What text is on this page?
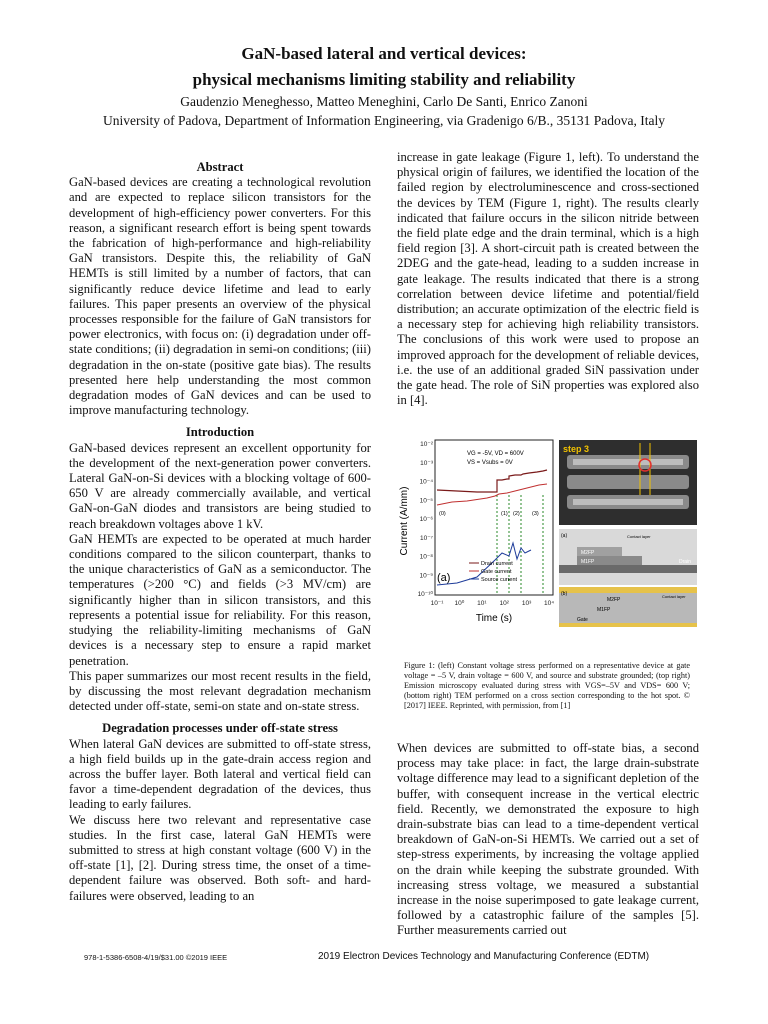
GaN-based lateral and vertical devices:
physical mechanisms limiting stability and reliability
Gaudenzio Meneghesso, Matteo Meneghini, Carlo De Santi, Enrico Zanoni
University of Padova, Department of Information Engineering, via Gradenigo 6/B., 35131 Padova, Italy
Abstract

GaN-based devices are creating a technological revolution and are expected to replace silicon transistors for the development of high-efficiency power converters. For this reason, a significant research effort is being spent towards the fabrication of high-performance and high-reliability GaN transistors. Despite this, the reliability of GaN HEMTs is still limited by a number of factors, that can significantly reduce device lifetime and lead to early failures. This paper presents an overview of the physical processes responsible for the failure of GaN transistors for power electronics, with focus on: (i) degradation under off-state conditions; (ii) degradation in semi-on conditions; (iii) degradation in the on-state (positive gate bias). The results presented here help understanding the most common degradation modes of GaN devices and can be used to improve manufacturing technology.

Introduction

GaN-based devices represent an excellent opportunity for the development of the next-generation power converters. Lateral GaN-on-Si devices with a blocking voltage of 600-650 V are already commercially available, and vertical GaN-on-GaN diodes and transistors are being studied to reach breakdown voltages above 1 kV.

GaN HEMTs are expected to be operated at much harder conditions compared to the silicon counterpart, thanks to the unique characteristics of GaN as a semiconductor. The temperatures (>200 °C) and fields (>3 MV/cm) are significantly higher than in silicon transistors, and this represents a potential issue for reliability. For this reason, studying the reliability-limiting mechanisms of GaN devices is a necessary step to ensure a rapid market penetration.

This paper summarizes our most recent results in the field, by discussing the most relevant degradation mechanism detected under off-state, semi-on state and on-state stress.

Degradation processes under off-state stress

When lateral GaN devices are submitted to off-state stress, a high field builds up in the gate-drain access region and across the buffer layer. Both lateral and vertical field can favor a time-dependent degradation of the devices, thus leading to early failures.

We discuss here two relevant and representative case studies. In the first case, lateral GaN HEMTs were submitted to stress at high constant voltage (600 V) in the off-state [1], [2]. During stress time, the onset of a time-dependent failure was observed. Both soft- and hard-failures were observed, leading to an

increase in gate leakage (Figure 1, left). To understand the physical origin of failures, we identified the location of the failed region by electroluminescence and cross-sectioned the devices by TEM (Figure 1, right). The results clearly indicated that failure occurs in the silicon nitride between the field plate edge and the drain terminal, which is a high field region [3]. A short-circuit path is created between the 2DEG and the gate-head, leading to a sudden increase in gate leakage. The results indicated that there is a strong correlation between device lifetime and potential/field distribution; an accurate optimization of the electric field is a necessary step for achieving high reliability transistors. The conclusions of this work were used to propose an improved approach for the development of reliable devices, i.e. the use of an additional graded SiN passivation under the gate head. The role of SiN properties was explored also in [4].

Current (A/mm)
Time (s)
10⁻²
10⁻³
10⁻⁴
10⁻⁵
10⁻⁶
10⁻⁷
10⁻⁸
10⁻⁹
10⁻¹⁰
10⁻¹ 10⁰ 10¹ 10² 10³ 10⁴
VG = -5V, VD = 600V
VS = Vsubs = 0V
(0)	(1) (2) (3)
Drain current
Gate current
Source current
(a)
step 3
(a)
M2FP
M1FP	Drain
Contact layer
(b)
M2FP
M1FP
Gate
Contact layer
Figure 1: (left) Constant voltage stress performed on a representative device at gate voltage = –5 V, drain voltage = 600 V, and source and substrate grounded; (top right) Emission microscopy evaluated during stress with VGS=–5V and VDS= 600 V; (bottom right) TEM performed on a cross section corresponding to the hot spot. © [2017] IEEE. Reprinted, with permission, from [1]

When devices are submitted to off-state bias, a second process may take place: in fact, the large drain-substrate voltage difference may lead to a significant depletion of the buffer, with consequent increase in the vertical electric field. Recently, we demonstrated the exposure to high drain-substrate bias can lead to a time-dependent vertical breakdown of GaN-on-Si HEMTs. We carried out a set of step-stress experiments, by increasing the voltage applied on the drain while keeping the substrate grounded. With increasing stress voltage, we measured a substantial increase in the noise superimposed to gate leakage current, followed by a catastrophic failure of the samples [5]. Further measurements carried out

978-1-5386-6508-4/19/$31.00 ©2019 IEEE	2019 Electron Devices Technology and Manufacturing Conference (EDTM)
